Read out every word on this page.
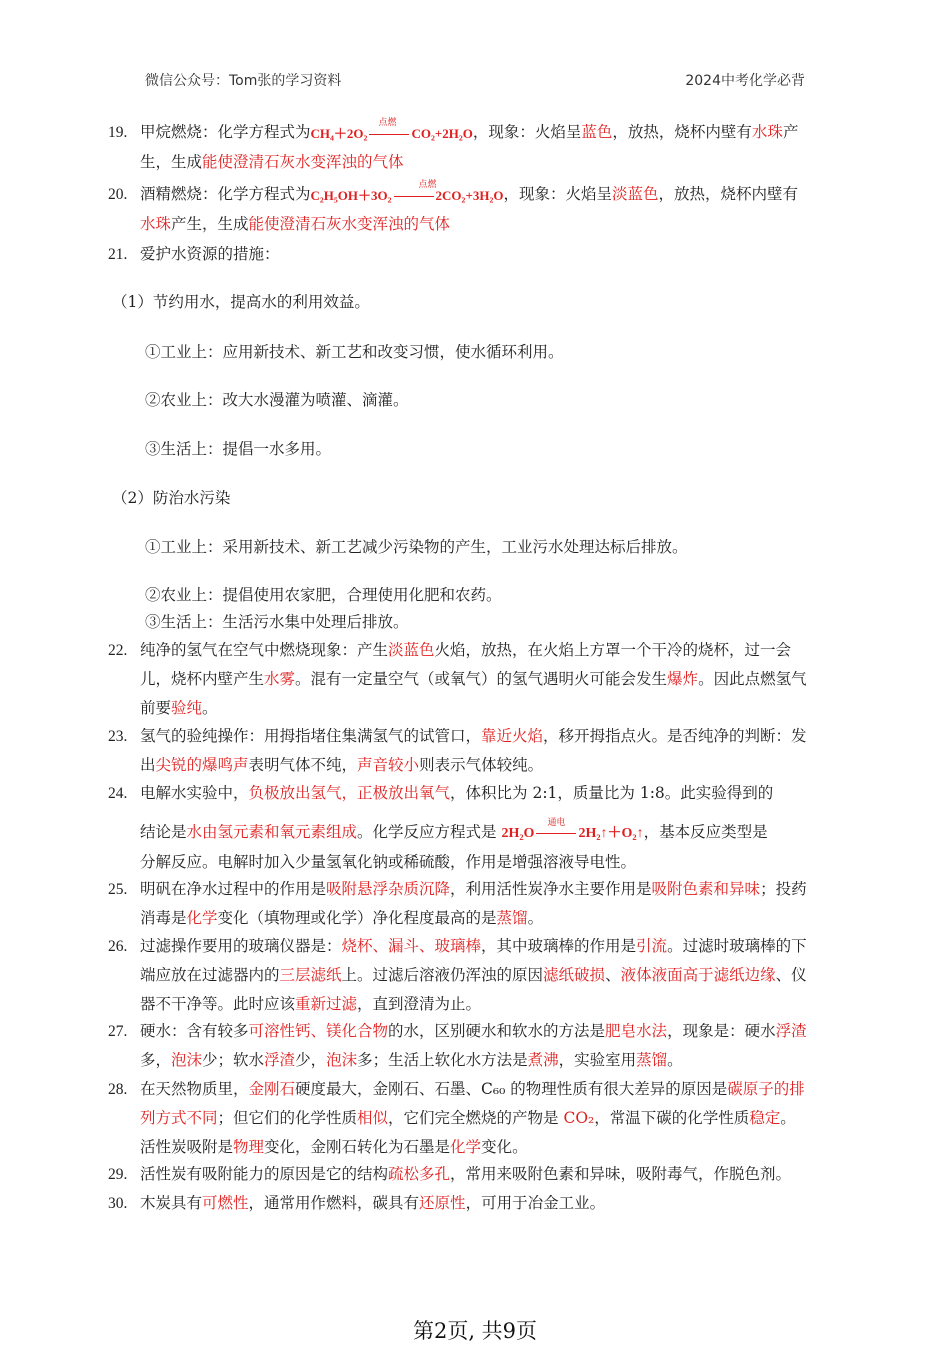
微信公众号：Tom张的学习资料	2024中考化学必背
19. 甲烷燃烧：化学方程式为CH₄＋2O₂
点燃
CO₂+2H₂O，现象：火焰呈蓝色，放热，烧杯内壁有水珠产生，生成能使澄清石灰水变浑浊的气体
20. 酒精燃烧：化学方程式为C₂H₅OH＋3O₂
点燃
2CO₂+3H₂O，现象：火焰呈淡蓝色，放热，烧杯内壁有水珠产生，生成能使澄清石灰水变浑浊的气体
21. 爱护水资源的措施：
（1）节约用水，提高水的利用效益。
①工业上：应用新技术、新工艺和改变习惯，使水循环利用。
②农业上：改大水漫灌为喷灌、滴灌。
③生活上：提倡一水多用。
（2）防治水污染
①工业上：采用新技术、新工艺减少污染物的产生，工业污水处理达标后排放。
②农业上：提倡使用农家肥，合理使用化肥和农药。
③生活上：生活污水集中处理后排放。
22. 纯净的氢气在空气中燃烧现象：产生淡蓝色火焰，放热，在火焰上方罩一个干冷的烧杯，过一会儿，烧杯内壁产生水雾。混有一定量空气（或氧气）的氢气遇明火可能会发生爆炸。因此点燃氢气前要验纯。
23. 氢气的验纯操作：用拇指堵住集满氢气的试管口，靠近火焰，移开拇指点火。是否纯净的判断：发出尖锐的爆鸣声表明气体不纯，声音较小则表示气体较纯。
24. 电解水实验中，负极放出氢气，正极放出氧气，体积比为 2:1，质量比为 1:8。此实验得到的
结论是水由氢元素和氧元素组成。化学反应方程式是 2H₂O
通电
2H₂↑＋O₂↑，基本反应类型是
分解反应。电解时加入少量氢氧化钠或稀硫酸，作用是增强溶液导电性。
25. 明矾在净水过程中的作用是吸附悬浮杂质沉降，利用活性炭净水主要作用是吸附色素和异味；投药消毒是化学变化（填物理或化学）净化程度最高的是蒸馏。
26. 过滤操作要用的玻璃仪器是：烧杯、漏斗、玻璃棒，其中玻璃棒的作用是引流。过滤时玻璃棒的下端应放在过滤器内的三层滤纸上。过滤后溶液仍浑浊的原因滤纸破损、液体液面高于滤纸边缘、仪器不干净等。此时应该重新过滤，直到澄清为止。
27. 硬水：含有较多可溶性钙、镁化合物的水，区别硬水和软水的方法是肥皂水法，现象是：硬水浮渣多，泡沫少；软水浮渣少，泡沫多；生活上软化水方法是煮沸，实验室用蒸馏。
28. 在天然物质里，金刚石硬度最大，金刚石、石墨、C₆₀ 的物理性质有很大差异的原因是碳原子的排列方式不同；但它们的化学性质相似，它们完全燃烧的产物是 CO₂，常温下碳的化学性质稳定。活性炭吸附是物理变化，金刚石转化为石墨是化学变化。
29. 活性炭有吸附能力的原因是它的结构疏松多孔，常用来吸附色素和异味，吸附毒气，作脱色剂。
30. 木炭具有可燃性，通常用作燃料，碳具有还原性，可用于冶金工业。
第2页, 共9页
